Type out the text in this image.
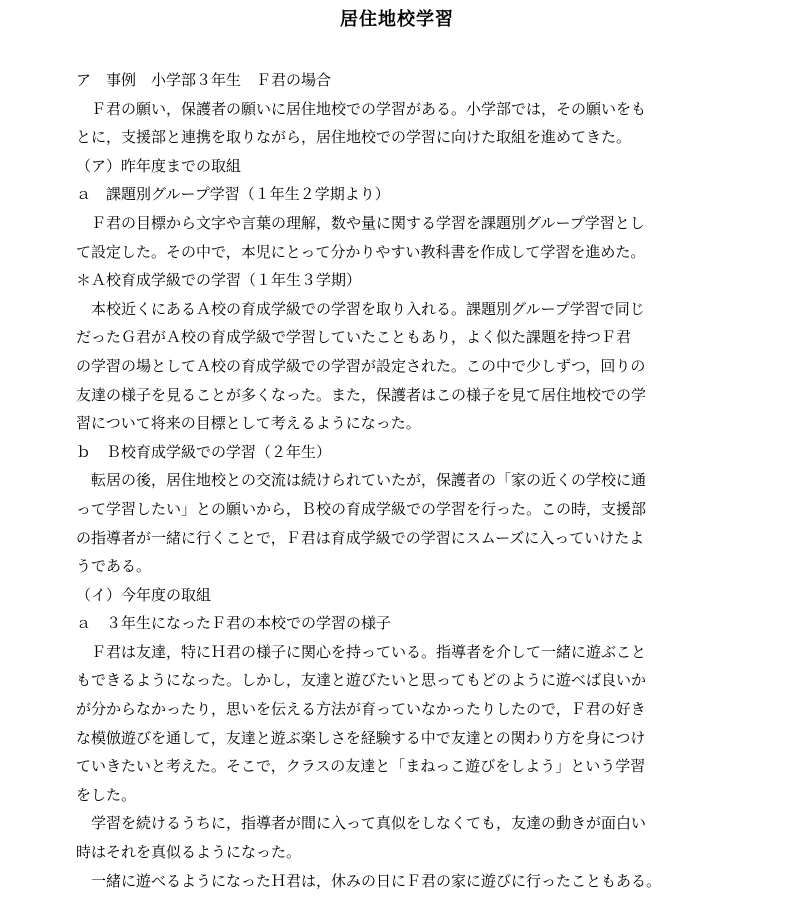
居住地校学習
ア　事例　小学部３年生　Ｆ君の場合
　Ｆ君の願い，保護者の願いに居住地校での学習がある。小学部では，その願いをも
とに，支援部と連携を取りながら，居住地校での学習に向けた取組を進めてきた。
（ア）昨年度までの取組
ａ　課題別グループ学習（１年生２学期より）
　Ｆ君の目標から文字や言葉の理解，数や量に関する学習を課題別グループ学習とし
て設定した。その中で，本児にとって分かりやすい教科書を作成して学習を進めた。
＊Ａ校育成学級での学習（１年生３学期）
　本校近くにあるＡ校の育成学級での学習を取り入れる。課題別グループ学習で同じ
だったＧ君がＡ校の育成学級で学習していたこともあり，よく似た課題を持つＦ君
の学習の場としてＡ校の育成学級での学習が設定された。この中で少しずつ，回りの
友達の様子を見ることが多くなった。また，保護者はこの様子を見て居住地校での学
習について将来の目標として考えるようになった。
ｂ　Ｂ校育成学級での学習（２年生）
　転居の後，居住地校との交流は続けられていたが，保護者の「家の近くの学校に通
って学習したい」との願いから，Ｂ校の育成学級での学習を行った。この時，支援部
の指導者が一緒に行くことで，Ｆ君は育成学級での学習にスムーズに入っていけたよ
うである。
（イ）今年度の取組
ａ　３年生になったＦ君の本校での学習の様子
　Ｆ君は友達，特にＨ君の様子に関心を持っている。指導者を介して一緒に遊ぶこと
もできるようになった。しかし，友達と遊びたいと思ってもどのように遊べば良いか
が分からなかったり，思いを伝える方法が育っていなかったりしたので，Ｆ君の好き
な模倣遊びを通して，友達と遊ぶ楽しさを経験する中で友達との関わり方を身につけ
ていきたいと考えた。そこで，クラスの友達と「まねっこ遊びをしよう」という学習
をした。
　学習を続けるうちに，指導者が間に入って真似をしなくても，友達の動きが面白い
時はそれを真似るようになった。
　一緒に遊べるようになったＨ君は，休みの日にＦ君の家に遊びに行ったこともある。
